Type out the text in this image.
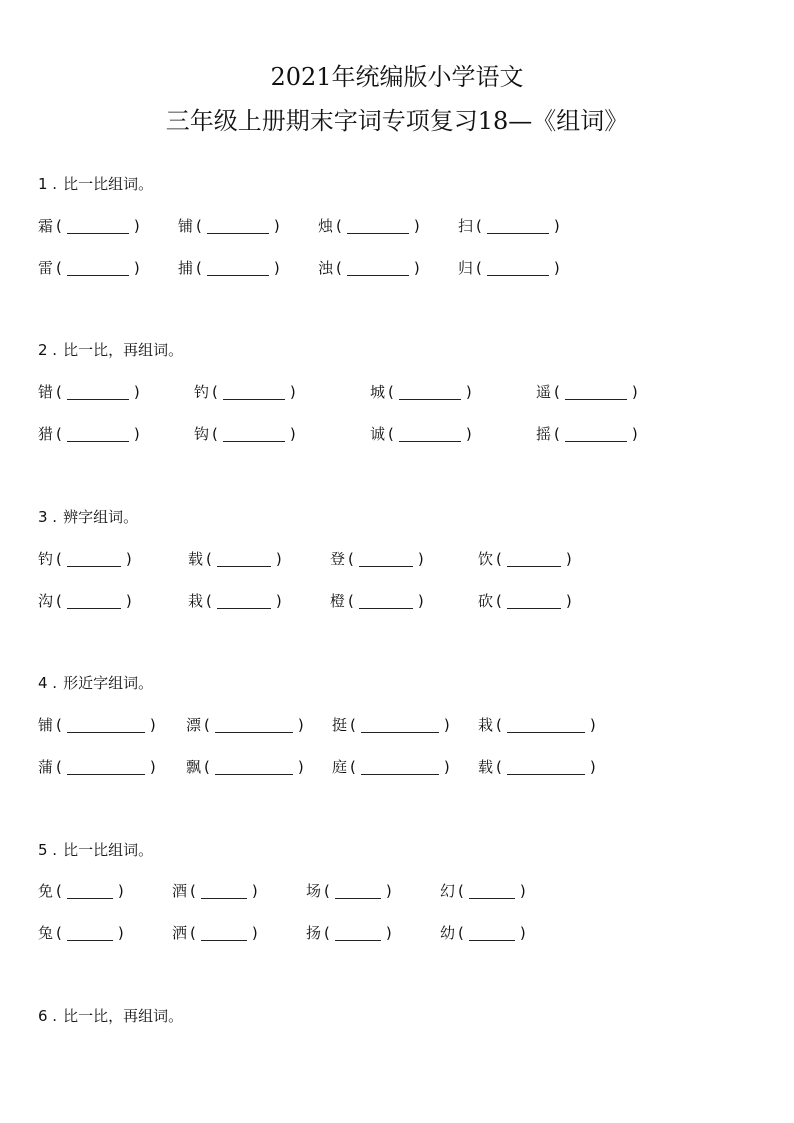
2021年统编版小学语文
三年级上册期末字词专项复习18—《组词》
1 . 比一比组词。
霜 (	)	铺 (	)	烛 (	)	扫 (	)
雷 (	)	捕 (	)	浊 (	)	归 (	)
2 . 比一比，再组词。
错 (	)	钓 (	)	城 (	)	遥 (	)
猎 (	)	钩 (	)	诚 (	)	摇 (	)
3 . 辨字组词。
钓 (	)	载 (	)	登 (	)	饮 (	)
沟 (	)	栽 (	)	橙 (	)	砍 (	)
4 . 形近字组词。
铺 (	) 漂 (	) 挺 (	) 栽 (	)
蒲 (	) 飘 (	) 庭 (	) 载 (	)
5 . 比一比组词。
免 (	)	酒 (	)	场 (	)	幻 (	)
兔 (	)	洒 (	)	扬 (	)	幼 (	)
6 . 比一比，再组词。
